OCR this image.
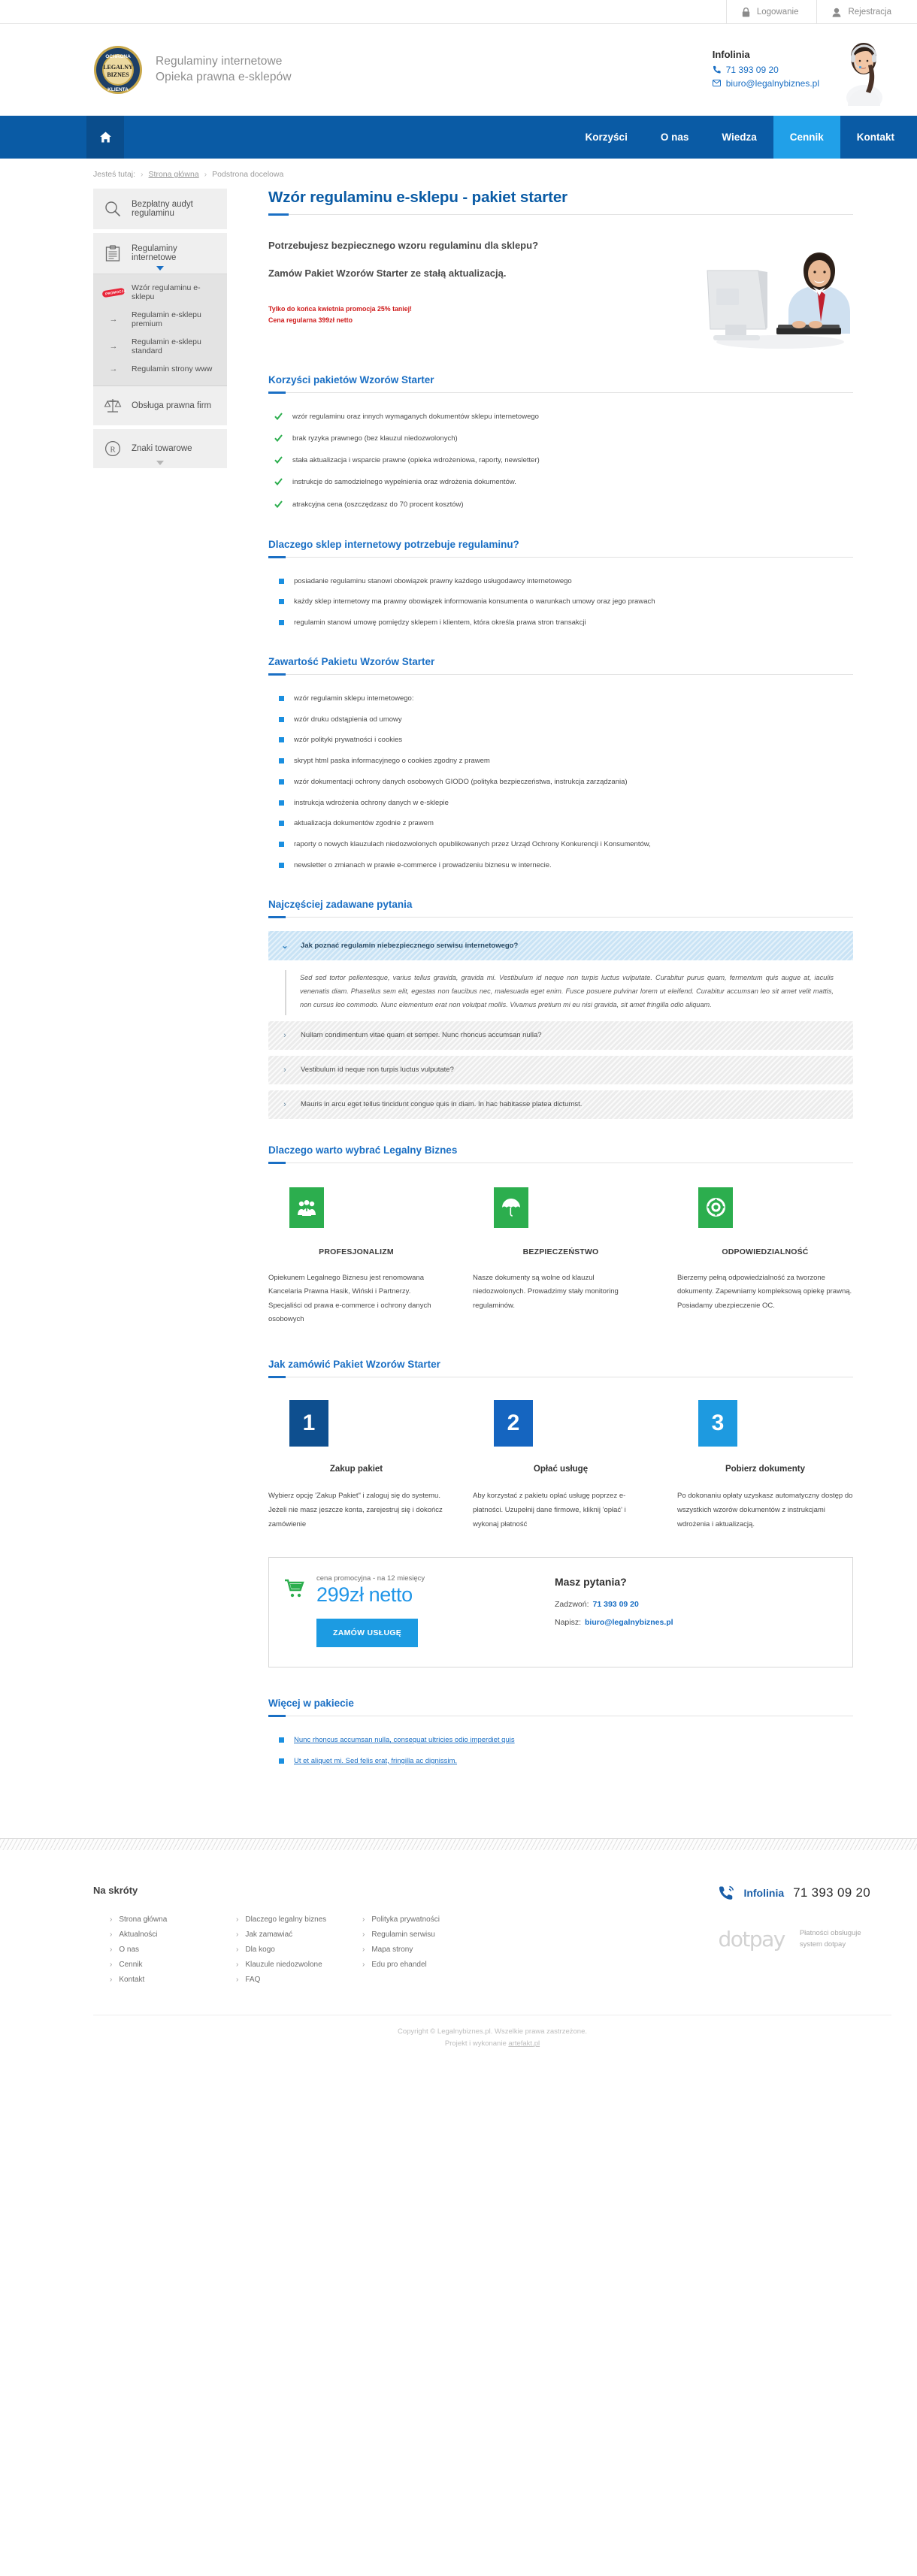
Logowanie	Rejestracja
OCHRONA
KLIENTA
LEGALNY
BIZNES
Regulaminy internetowe
Opieka prawna e-sklepów
Infolinia
71 393 09 20
biuro@legalnybiznes.pl
Korzyści	O nas	Wiedza	Cennik	Kontakt
Jesteś tutaj: › Strona główna › Podstrona docelowa
Bezpłatny audyt regulaminu
Regulaminy internetowe
PROMOCJA Wzór regulaminu e-sklepu
→	Regulamin e-sklepu premium
→	Regulamin e-sklepu standard
→	Regulamin strony www
Obsługa prawna firm
R Znaki towarowe
Wzór regulaminu e-sklepu - pakiet starter
Potrzebujesz bezpiecznego wzoru regulaminu dla sklepu?
Zamów Pakiet Wzorów Starter ze stałą aktualizacją.
Tylko do końca kwietnia promocja 25% taniej!
Cena regularna 399zł netto
Korzyści pakietów Wzorów Starter
wzór regulaminu oraz innych wymaganych dokumentów sklepu internetowego
brak ryzyka prawnego (bez klauzul niedozwolonych)
stała aktualizacja i wsparcie prawne (opieka wdrożeniowa, raporty, newsletter)
instrukcje do samodzielnego wypełnienia oraz wdrożenia dokumentów.
atrakcyjna cena (oszczędzasz do 70 procent kosztów)
Dlaczego sklep internetowy potrzebuje regulaminu?
posiadanie regulaminu stanowi obowiązek prawny każdego usługodawcy internetowego
każdy sklep internetowy ma prawny obowiązek informowania konsumenta o warunkach umowy oraz jego prawach
regulamin stanowi umowę pomiędzy sklepem i klientem, która określa prawa stron transakcji
Zawartość Pakietu Wzorów Starter
wzór regulamin sklepu internetowego:
wzór druku odstąpienia od umowy
wzór polityki prywatności i cookies
skrypt html paska informacyjnego o cookies zgodny z prawem
wzór dokumentacji ochrony danych osobowych GIODO (polityka bezpieczeństwa, instrukcja zarządzania)
instrukcja wdrożenia ochrony danych w e-sklepie
aktualizacja dokumentów zgodnie z prawem
raporty o nowych klauzulach niedozwolonych opublikowanych przez Urząd Ochrony Konkurencji i Konsumentów,
newsletter o zmianach w prawie e-commerce i prowadzeniu biznesu w internecie.
Najczęściej zadawane pytania
⌄ Jak poznać regulamin niebezpiecznego serwisu internetowego?
Sed sed tortor pellentesque, varius tellus gravida, gravida mi. Vestibulum id neque non turpis luctus vulputate. Curabitur purus quam, fermentum quis augue at, iaculis venenatis diam. Phasellus sem elit, egestas non faucibus nec, malesuada eget enim. Fusce posuere pulvinar lorem ut eleifend. Curabitur accumsan leo sit amet velit mattis, non cursus leo commodo. Nunc elementum erat non volutpat mollis. Vivamus pretium mi eu nisi gravida, sit amet fringilla odio aliquam.
›	Nullam condimentum vitae quam et semper. Nunc rhoncus accumsan nulla?
›	Vestibulum id neque non turpis luctus vulputate?
›	Mauris in arcu eget tellus tincidunt congue quis in diam. In hac habitasse platea dictumst.
Dlaczego warto wybrać Legalny Biznes
PROFESJONALIZM
Opiekunem Legalnego Biznesu jest renomowana Kancelaria Prawna Hasik, Wiński i Partnerzy. Specjaliści od prawa e-commerce i ochrony danych osobowych
BEZPIECZEŃSTWO
Nasze dokumenty są wolne od klauzul niedozwolonych. Prowadzimy stały monitoring regulaminów.
ODPOWIEDZIALNOŚĆ
Bierzemy pełną odpowiedzialność za tworzone dokumenty. Zapewniamy kompleksową opiekę prawną. Posiadamy ubezpieczenie OC.
Jak zamówić Pakiet Wzorów Starter
1
Zakup pakiet
Wybierz opcję 'Zakup Pakiet" i zaloguj się do systemu. Jeżeli nie masz jeszcze konta, zarejestruj się i dokończ zamówienie
2
Opłać usługę
Aby korzystać z pakietu opłać usługę poprzez e-płatności. Uzupełnij dane firmowe, kliknij 'opłać' i wykonaj płatność
3
Pobierz dokumenty
Po dokonaniu opłaty uzyskasz automatyczny dostęp do wszystkich wzorów dokumentów z instrukcjami wdrożenia i aktualizacją.
cena promocyjna - na 12 miesięcy
299zł netto
ZAMÓW USŁUGĘ
Masz pytania?
Zadzwoń: 71 393 09 20
Napisz: biuro@legalnybiznes.pl
Więcej w pakiecie
Nunc rhoncus accumsan nulla, consequat ultricies odio imperdiet quis
Ut et aliquet mi. Sed felis erat, fringilla ac dignissim.
Na skróty
› Strona główna
› Aktualności
› O nas
› Cennik
› Kontakt
› Dlaczego legalny biznes
› Jak zamawiać
› Dla kogo
› Klauzule niedozwolone
› FAQ
› Polityka prywatności
› Regulamin serwisu
› Mapa strony
› Edu pro ehandel
Infolinia 71 393 09 20
dotpay Płatności obsługuje
system dotpay
Copyright © Legalnybiznes.pl. Wszelkie prawa zastrzeżone.
Projekt i wykonanie artefakt.pl
